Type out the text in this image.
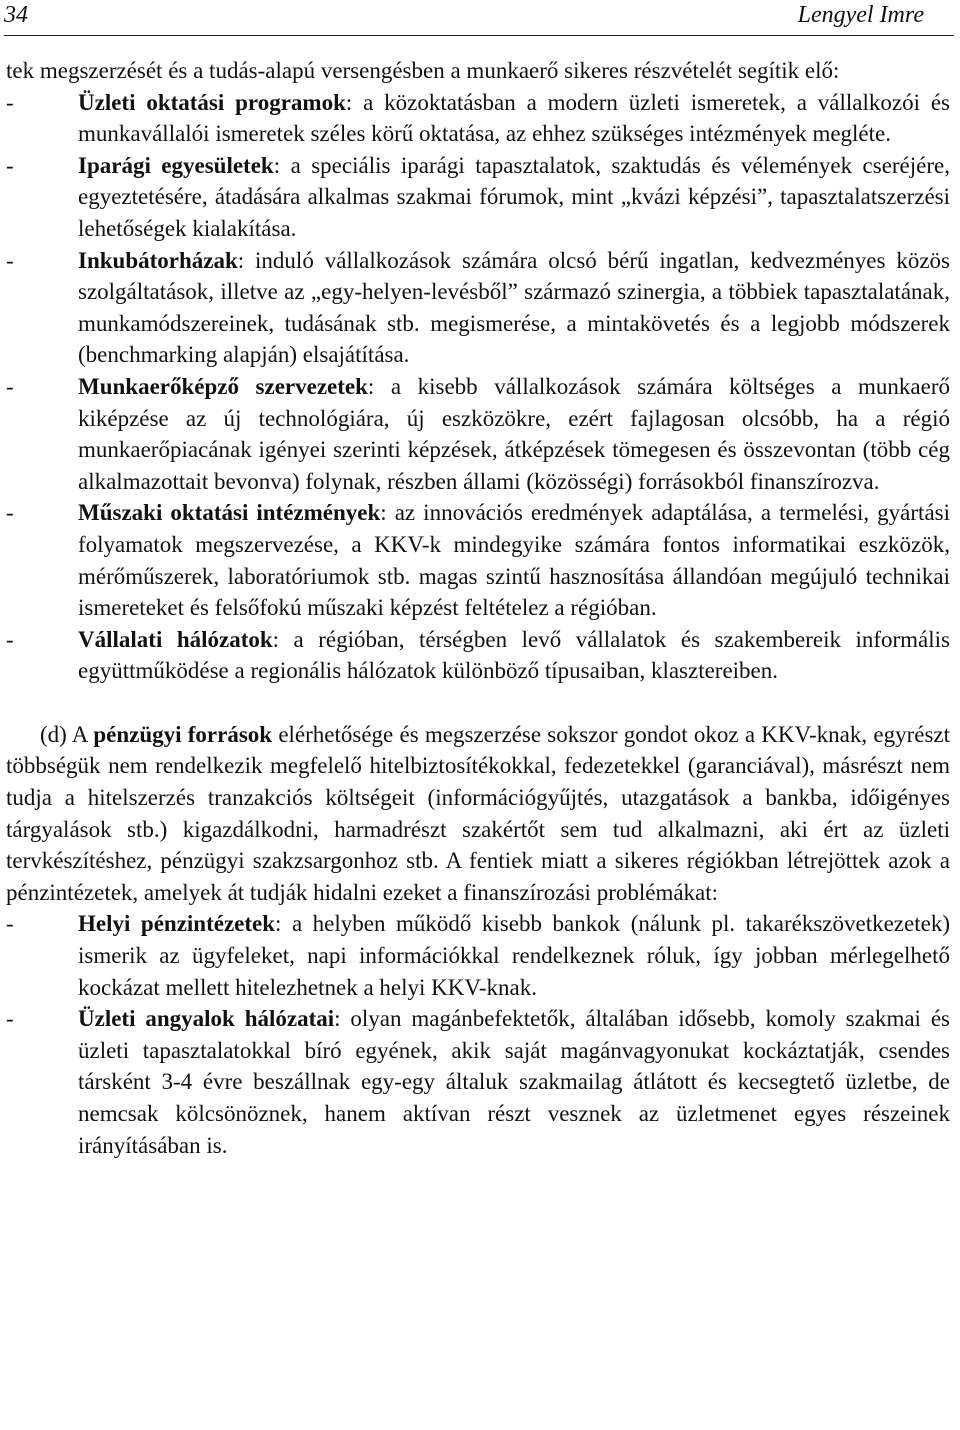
34	Lengyel Imre

tek megszerzését és a tudás-alapú versengésben a munkaerő sikeres részvételét segítik elő:

-	Üzleti oktatási programok: a közoktatásban a modern üzleti ismeretek, a vállalkozói és munkavállalói ismeretek széles körű oktatása, az ehhez szükséges intézmények megléte.
-	Iparági egyesületek: a speciális iparági tapasztalatok, szaktudás és vélemények cseréjére, egyeztetésére, átadására alkalmas szakmai fórumok, mint „kvázi képzési”, tapasztalatszerzési lehetőségek kialakítása.
-	Inkubátorházak: induló vállalkozások számára olcsó bérű ingatlan, kedvezményes közös szolgáltatások, illetve az „egy-helyen-levésből” származó szinergia, a többiek tapasztalatának, munkamódszereinek, tudásának stb. megismerése, a mintakövetés és a legjobb módszerek (benchmarking alapján) elsajátítása.
-	Munkaerőképző szervezetek: a kisebb vállalkozások számára költséges a munkaerő kiképzése az új technológiára, új eszközökre, ezért fajlagosan olcsóbb, ha a régió munkaerőpiacának igényei szerinti képzések, átképzések tömegesen és összevontan (több cég alkalmazottait bevonva) folynak, részben állami (közösségi) forrásokból finanszírozva.
-	Műszaki oktatási intézmények: az innovációs eredmények adaptálása, a termelési, gyártási folyamatok megszervezése, a KKV-k mindegyike számára fontos informatikai eszközök, mérőműszerek, laboratóriumok stb. magas szintű hasznosítása állandóan megújuló technikai ismereteket és felsőfokú műszaki képzést feltételez a régióban.
-	Vállalati hálózatok: a régióban, térségben levő vállalatok és szakembereik informális együttműködése a regionális hálózatok különböző típusaiban, klasztereiben.

(d) A pénzügyi források elérhetősége és megszerzése sokszor gondot okoz a KKV-knak, egyrészt többségük nem rendelkezik megfelelő hitelbiztosítékokkal, fedezetekkel (garanciával), másrészt nem tudja a hitelszerzés tranzakciós költségeit (információgyűjtés, utazgatások a bankba, időigényes tárgyalások stb.) kigazdálkodni, harmadrészt szakértőt sem tud alkalmazni, aki ért az üzleti tervkészítéshez, pénzügyi szakzsargonhoz stb. A fentiek miatt a sikeres régiókban létrejöttek azok a pénzintézetek, amelyek át tudják hidalni ezeket a finanszírozási problémákat:

-	Helyi pénzintézetek: a helyben működő kisebb bankok (nálunk pl. takarékszövetkezetek) ismerik az ügyfeleket, napi információkkal rendelkeznek róluk, így jobban mérlegelhető kockázat mellett hitelezhetnek a helyi KKV-knak.
-	Üzleti angyalok hálózatai: olyan magánbefektetők, általában idősebb, komoly szakmai és üzleti tapasztalatokkal bíró egyének, akik saját magánvagyonukat kockáztatják, csendes társként 3-4 évre beszállnak egy-egy általuk szakmailag átlátott és kecsegtető üzletbe, de nemcsak kölcsönöznek, hanem aktívan részt vesznek az üzletmenet egyes részeinek irányításában is.
